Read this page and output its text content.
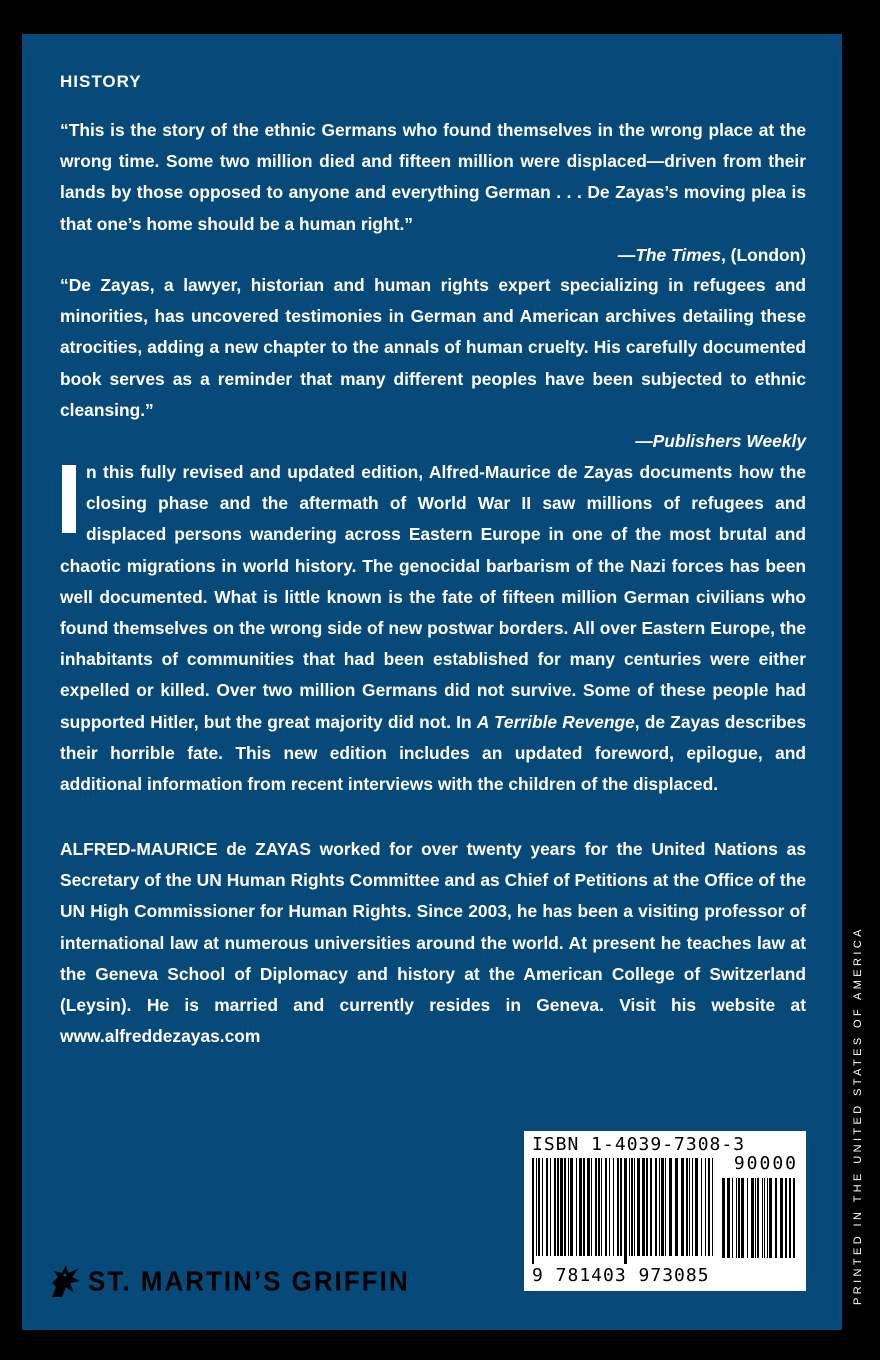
HISTORY

“This is the story of the ethnic Germans who found themselves in the wrong place at the wrong time. Some two million died and fifteen million were displaced—driven from their lands by those opposed to anyone and everything German . . . De Zayas’s moving plea is that one’s home should be a human right.”
—The Times, (London)

“De Zayas, a lawyer, historian and human rights expert specializing in refugees and minorities, has uncovered testimonies in German and American archives detailing these atrocities, adding a new chapter to the annals of human cruelty. His carefully documented book serves as a reminder that many different peoples have been subjected to ethnic cleansing.”
—Publishers Weekly

n this fully revised and updated edition, Alfred-Maurice de Zayas documents how the closing phase and the aftermath of World War II saw millions of refugees and displaced persons wandering across Eastern Europe in one of the most brutal and chaotic migrations in world history. The genocidal barbarism of the Nazi forces has been well documented. What is little known is the fate of fifteen million German civilians who found themselves on the wrong side of new postwar borders. All over Eastern Europe, the inhabitants of communities that had been established for many centuries were either expelled or killed. Over two million Germans did not survive. Some of these people had supported Hitler, but the great majority did not. In A Terrible Revenge, de Zayas describes their horrible fate. This new edition includes an updated foreword, epilogue, and additional information from recent interviews with the children of the displaced.

ALFRED-MAURICE de ZAYAS worked for over twenty years for the United Nations as Secretary of the UN Human Rights Committee and as Chief of Petitions at the Office of the UN High Commissioner for Human Rights. Since 2003, he has been a visiting professor of international law at numerous universities around the world. At present he teaches law at the Geneva School of Diplomacy and history at the American College of Switzerland (Leysin). He is married and currently resides in Geneva. Visit his website at www.alfreddezayas.com	PRINTED IN THE UNITED STATES OF AMERICA
ST. MARTIN’S GRIFFIN
ISBN 1-4039-7308-3
90000
9 781403 973085
